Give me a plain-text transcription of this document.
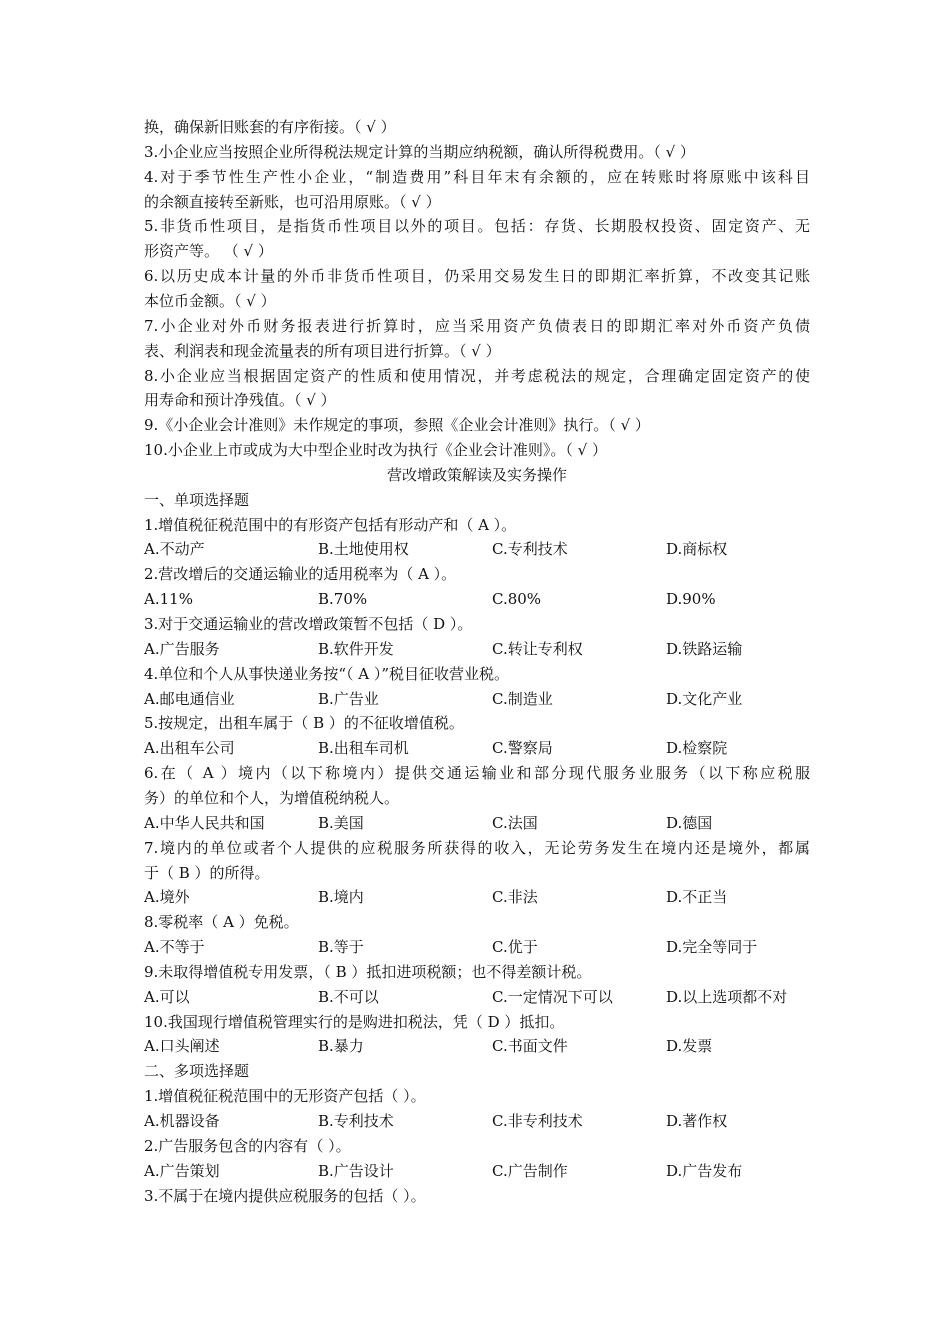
换，确保新旧账套的有序衔接。（ √ ）
3.小企业应当按照企业所得税法规定计算的当期应纳税额，确认所得税费用。（ √ ）
4.对于季节性生产性小企业，“制造费用”科目年末有余额的，应在转账时将原账中该科目
的余额直接转至新账，也可沿用原账。（ √ ）
5.非货币性项目，是指货币性项目以外的项目。包括：存货、长期股权投资、固定资产、无
形资产等。 （ √ ）
6.以历史成本计量的外币非货币性项目，仍采用交易发生日的即期汇率折算，不改变其记账
本位币金额。（ √ ）
7.小企业对外币财务报表进行折算时，应当采用资产负债表日的即期汇率对外币资产负债
表、利润表和现金流量表的所有项目进行折算。（ √ ）
8.小企业应当根据固定资产的性质和使用情况，并考虑税法的规定，合理确定固定资产的使
用寿命和预计净残值。（ √ ）
9.《小企业会计准则》未作规定的事项，参照《企业会计准则》执行。（ √ ）
10.小企业上市或成为大中型企业时改为执行《企业会计准则》。（ √ ）
营改增政策解读及实务操作
一、单项选择题
1.增值税征税范围中的有形资产包括有形动产和（ A ）。
A.不动产	B.土地使用权	C.专利技术	D.商标权
2.营改增后的交通运输业的适用税率为（ A ）。
A.11%	B.70%	C.80%	D.90%
3.对于交通运输业的营改增政策暂不包括（ D ）。
A.广告服务	B.软件开发	C.转让专利权	D.铁路运输
4.单位和个人从事快递业务按“（ A ）”税目征收营业税。
A.邮电通信业	B.广告业	C.制造业	D.文化产业
5.按规定，出租车属于（ B ）的不征收增值税。
A.出租车公司	B.出租车司机	C.警察局	D.检察院
6.在（ A ）境内（以下称境内）提供交通运输业和部分现代服务业服务（以下称应税服
务）的单位和个人，为增值税纳税人。
A.中华人民共和国	B.美国	C.法国	D.德国
7.境内的单位或者个人提供的应税服务所获得的收入，无论劳务发生在境内还是境外，都属
于（ B ）的所得。
A.境外	B.境内	C.非法	D.不正当
8.零税率（ A ）免税。
A.不等于	B.等于	C.优于	D.完全等同于
9.未取得增值税专用发票，（ B ）抵扣进项税额；也不得差额计税。
A.可以	B.不可以	C.一定情况下可以	D.以上选项都不对
10.我国现行增值税管理实行的是购进扣税法，凭（ D ）抵扣。
A.口头阐述	B.暴力	C.书面文件	D.发票
二、多项选择题
1.增值税征税范围中的无形资产包括（ ）。
A.机器设备	B.专利技术	C.非专利技术	D.著作权
2.广告服务包含的内容有（ ）。
A.广告策划	B.广告设计	C.广告制作	D.广告发布
3.不属于在境内提供应税服务的包括（ ）。
